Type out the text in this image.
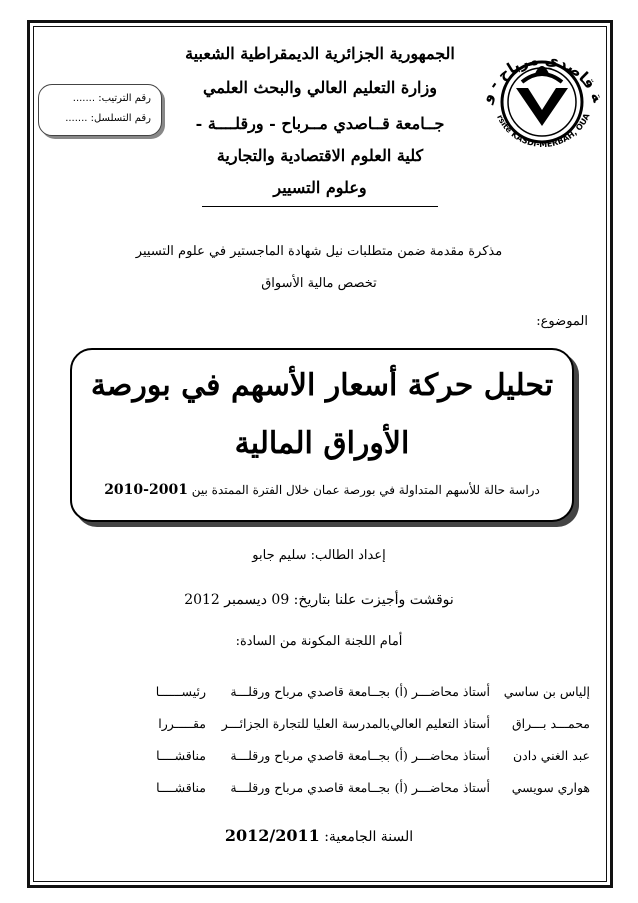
الجمهورية الجزائرية الديمقراطية الشعبية
وزارة التعليم العالي والبحث العلمي
جــامعة قــاصدي مــرباح - ورقلــــة -
كلية العلوم الاقتصادية والتجارية
وعلوم التسيير
رقم الترتيب: .......
رقم التسلسل: .......
ة قاصدي مرباح - و
rsité KASDI-MERBAH, OUA
مذكرة مقدمة ضمن متطلبات نيل شهادة الماجستير في علوم التسيير
تخصص مالية الأسواق
الموضوع:
تحليل حركة أسعار الأسهم في بورصة
الأوراق المالية
دراسة حالة للأسهم المتداولة في بورصة عمان خلال الفترة الممتدة بين 2001-2010
إعداد الطالب: سليم جابو
نوقشت وأجيزت علنا بتاريخ: 09 ديسمبر 2012
أمام اللجنة المكونة من السادة:
إلياس بن ساسي
أستاذ محاضـــر (أ)
بجــامعة قاصدي مرباح ورقلـــة
رئيســــــا
محمـــد بـــراق
أستاذ التعليم العالي
بالمدرسة العليا للتجارة الجزائـــر
مقـــــررا
عبد الغني دادن
أستاذ محاضـــر (أ)
بجــامعة قاصدي مرباح ورقلـــة
مناقشــــا
هواري سويسي
أستاذ محاضـــر (أ)
بجــامعة قاصدي مرباح ورقلـــة
مناقشــــا
السنة الجامعية: 2012/2011
